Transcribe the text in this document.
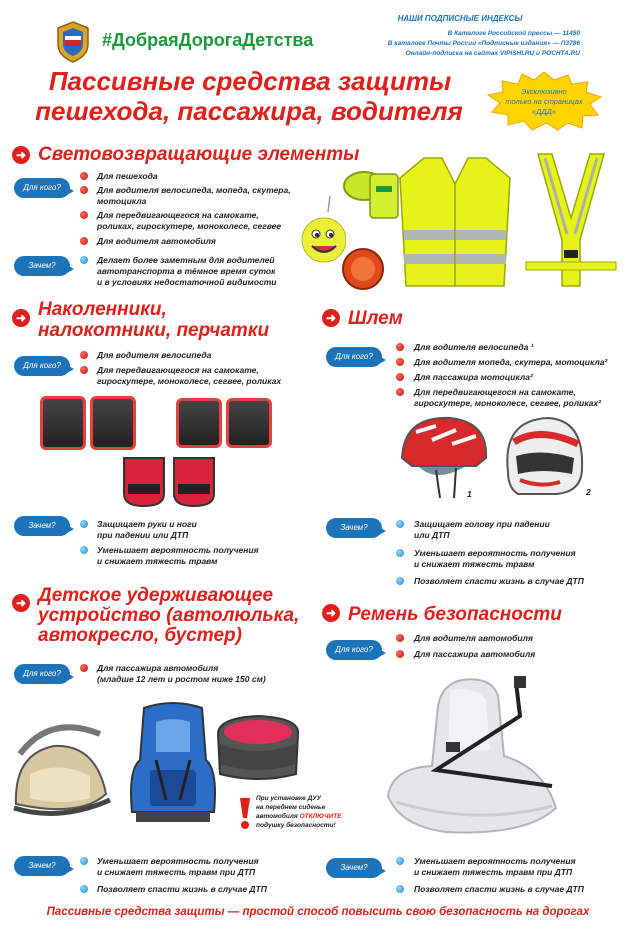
#ДобраяДорогаДетства
НАШИ ПОДПИСНЫЕ ИНДЕКСЫ
В Каталоге Российской прессы — 11450
В каталоге Почты России «Подписные издания» — П3786
Онлайн-подписка на сайтах VIPISHI.RU и POCHTA.RU
Пассивные средства защиты
пешехода, пассажира, водителя
Эксклюзивно
только на страницах
«ДДД»
➜ Световозвращающие элементы
Для кого?
Для пешехода
Для водителя велосипеда, мопеда, скутера,
мотоцикла
Для передвигающегося на самокате,
роликах, гироскутере, моноколесе, сегвее
Для водителя автомобиля
Зачем?
Делает более заметным для водителей
автотранспорта в тёмное время суток
и в условиях недостаточной видимости
➜ Наколенники,
налокотники, перчатки
Для кого?
Для водителя велосипеда
Для передвигающегося на самокате,
гироскутере, моноколесе, сегвее, роликах
Зачем?	Защищает руки и ноги
при падении или ДТП
Уменьшает вероятность получения
и снижает тяжесть травм
➜ Шлем
Для кого?
Для водителя велосипеда ¹
Для водителя мопеда, скутера, мотоцикла²
Для пассажира мотоцикла²
Для передвигающегося на самокате,
гироскутере, моноколесе, сегвее, роликах²
1	2
Зачем?	Защищает голову при падении
или ДТП
Уменьшает вероятность получения
и снижает тяжесть травм
Позволяет спасти жизнь в случае ДТП
➜ Детское удерживающее
устройство (автолюлька,
автокресло, бустер)
Для кого?
Для пассажира автомобиля
(младше 12 лет и ростом ниже 150 см)
При установке ДУУ
на переднем сиденье
автомобиля ОТКЛЮЧИТЕ
подушку безопасности!
Зачем?	Уменьшает вероятность получения
и снижает тяжесть травм при ДТП
Позволяет спасти жизнь в случае ДТП
➜ Ремень безопасности
Для кого?
Для водителя автомобиля
Для пассажира автомобиля
Зачем?
Уменьшает вероятность получения
и снижает тяжесть травм при ДТП
Позволяет спасти жизнь в случае ДТП
Пассивные средства защиты — простой способ повысить свою безопасность на дорогах
